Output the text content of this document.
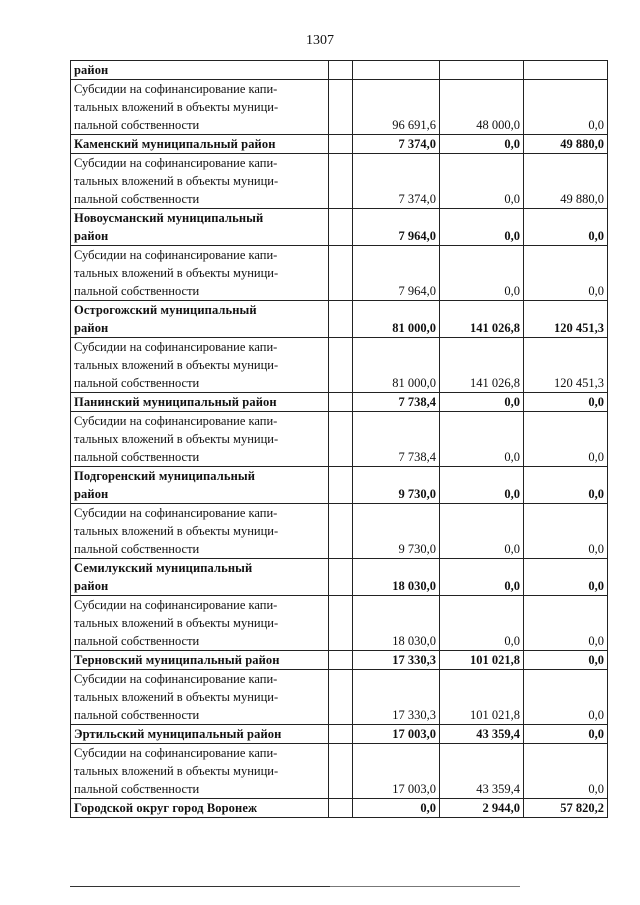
1307
район				

Субсидии на софинансирование капи-
тальных вложений в объекты муници-
пальной собственности		96 691,6	48 000,0	0,0

Каменский муниципальный район		7 374,0	0,0	49 880,0

Субсидии на софинансирование капи-
тальных вложений в объекты муници-
пальной собственности		7 374,0	0,0	49 880,0

Новоусманский муниципальный
район		7 964,0	0,0	0,0

Субсидии на софинансирование капи-
тальных вложений в объекты муници-
пальной собственности		7 964,0	0,0	0,0

Острогожский муниципальный
район		81 000,0	141 026,8	120 451,3

Субсидии на софинансирование капи-
тальных вложений в объекты муници-
пальной собственности		81 000,0	141 026,8	120 451,3

Панинский муниципальный район		7 738,4	0,0	0,0

Субсидии на софинансирование капи-
тальных вложений в объекты муници-
пальной собственности		7 738,4	0,0	0,0

Подгоренский муниципальный
район		9 730,0	0,0	0,0

Субсидии на софинансирование капи-
тальных вложений в объекты муници-
пальной собственности		9 730,0	0,0	0,0

Семилукский муниципальный
район		18 030,0	0,0	0,0

Субсидии на софинансирование капи-
тальных вложений в объекты муници-
пальной собственности		18 030,0	0,0	0,0

Терновский муниципальный район		17 330,3	101 021,8	0,0

Субсидии на софинансирование капи-
тальных вложений в объекты муници-
пальной собственности		17 330,3	101 021,8	0,0

Эртильский муниципальный район		17 003,0	43 359,4	0,0

Субсидии на софинансирование капи-
тальных вложений в объекты муници-
пальной собственности		17 003,0	43 359,4	0,0

Городской округ город Воронеж		0,0	2 944,0	57 820,2
